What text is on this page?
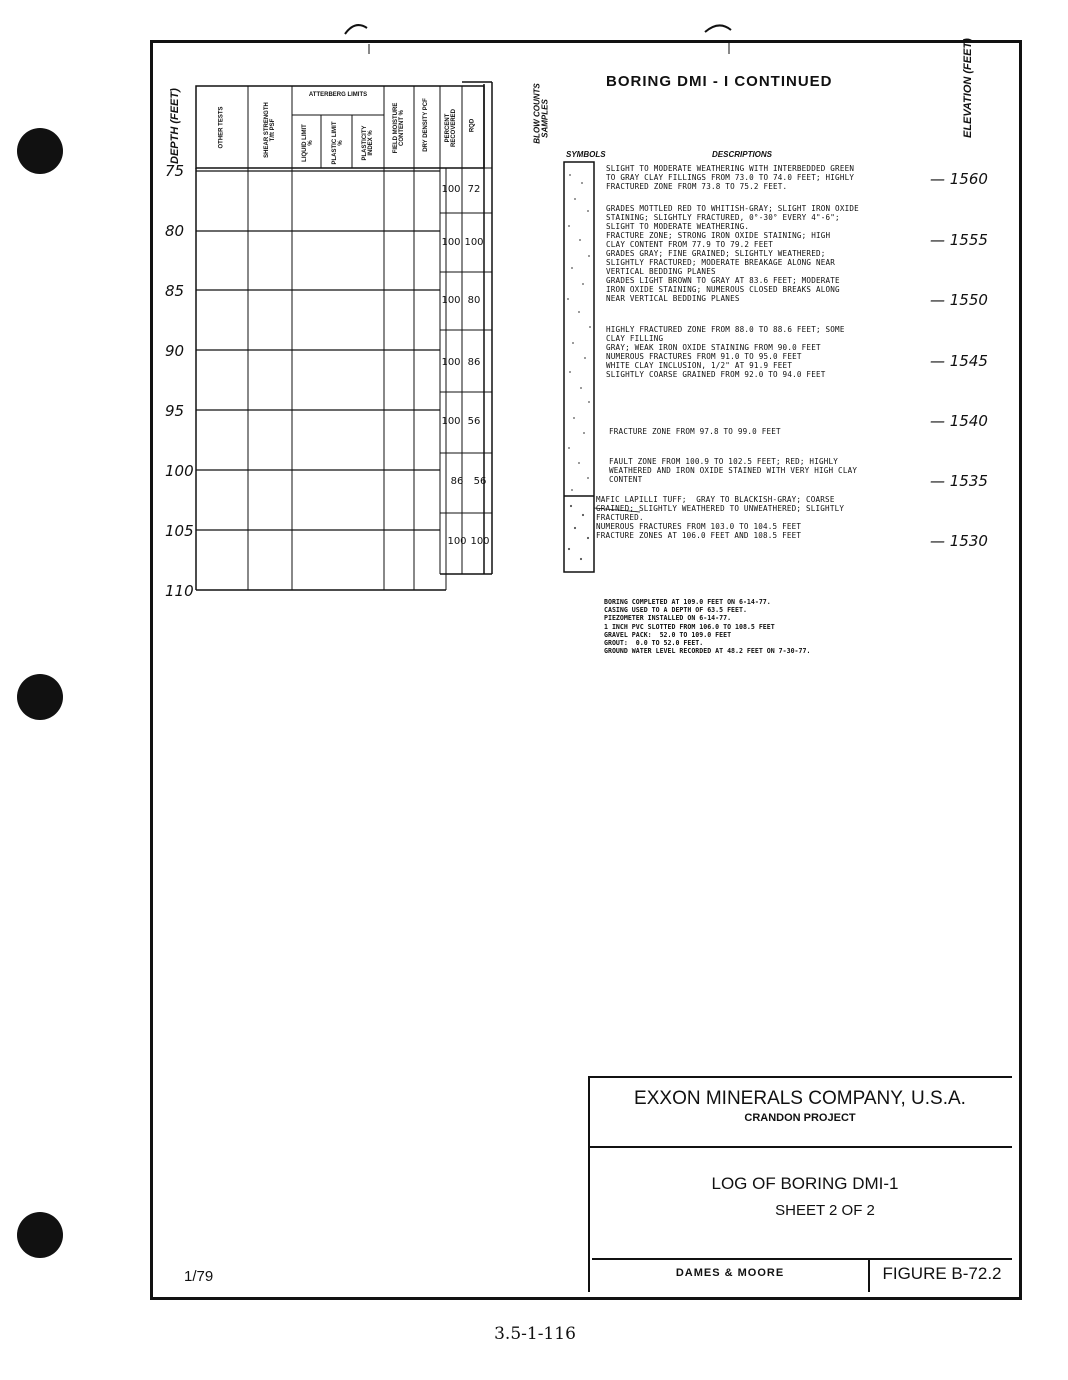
BORING DMI - I CONTINUED
DEPTH (FEET)	ELEVATION (FEET)
BLOW COUNTS SAMPLES
SYMBOLS	DESCRIPTIONS
OTHER TESTS	SHEAR STRENGTH T/ft PSF
ATTERBERG LIMITS
LIQUID LIMIT %	PLASTIC LIMIT %	PLASTICITY INDEX %	FIELD MOISTURE CONTENT %	DRY DENSITY PCF	PERCENT RECOVERED RQD
75
80
85
90
95
100
105
110
— 1560
— 1555
— 1550
— 1545
— 1540
— 1535
— 1530
100 72
100 100
100 80
100 86
100 56
86	56
100 100
SLIGHT TO MODERATE WEATHERING WITH INTERBEDDED GREEN
TO GRAY CLAY FILLINGS FROM 73.0 TO 74.0 FEET; HIGHLY
FRACTURED ZONE FROM 73.8 TO 75.2 FEET.
GRADES MOTTLED RED TO WHITISH-GRAY; SLIGHT IRON OXIDE
STAINING; SLIGHTLY FRACTURED, 0°-30° EVERY 4"-6";
SLIGHT TO MODERATE WEATHERING.
FRACTURE ZONE; STRONG IRON OXIDE STAINING; HIGH
CLAY CONTENT FROM 77.9 TO 79.2 FEET
GRADES GRAY; FINE GRAINED; SLIGHTLY WEATHERED;
SLIGHTLY FRACTURED; MODERATE BREAKAGE ALONG NEAR
VERTICAL BEDDING PLANES
GRADES LIGHT BROWN TO GRAY AT 83.6 FEET; MODERATE
IRON OXIDE STAINING; NUMEROUS CLOSED BREAKS ALONG
NEAR VERTICAL BEDDING PLANES
HIGHLY FRACTURED ZONE FROM 88.0 TO 88.6 FEET; SOME
CLAY FILLING
GRAY; WEAK IRON OXIDE STAINING FROM 90.0 FEET
NUMEROUS FRACTURES FROM 91.0 TO 95.0 FEET
WHITE CLAY INCLUSION, 1/2" AT 91.9 FEET
SLIGHTLY COARSE GRAINED FROM 92.0 TO 94.0 FEET
FRACTURE ZONE FROM 97.8 TO 99.0 FEET
FAULT ZONE FROM 100.9 TO 102.5 FEET; RED; HIGHLY
WEATHERED AND IRON OXIDE STAINED WITH VERY HIGH CLAY
CONTENT
MAFIC LAPILLI TUFF;  GRAY TO BLACKISH-GRAY; COARSE
GRAINED; SLIGHTLY WEATHERED TO UNWEATHERED; SLIGHTLY
FRACTURED.
NUMEROUS FRACTURES FROM 103.0 TO 104.5 FEET
FRACTURE ZONES AT 106.0 FEET AND 108.5 FEET
BORING COMPLETED AT 109.0 FEET ON 6-14-77.
CASING USED TO A DEPTH OF 63.5 FEET.
PIEZOMETER INSTALLED ON 6-14-77.
1 INCH PVC SLOTTED FROM 106.0 TO 108.5 FEET
GRAVEL PACK:  52.0 TO 109.0 FEET
GROUT:  0.0 TO 52.0 FEET.
GROUND WATER LEVEL RECORDED AT 48.2 FEET ON 7-30-77.
EXXON MINERALS COMPANY, U.S.A.
CRANDON PROJECT
LOG OF BORING DMI-1
SHEET 2 OF 2
DAMES & MOORE	FIGURE B-72.2
1/79
3.5-1-116
